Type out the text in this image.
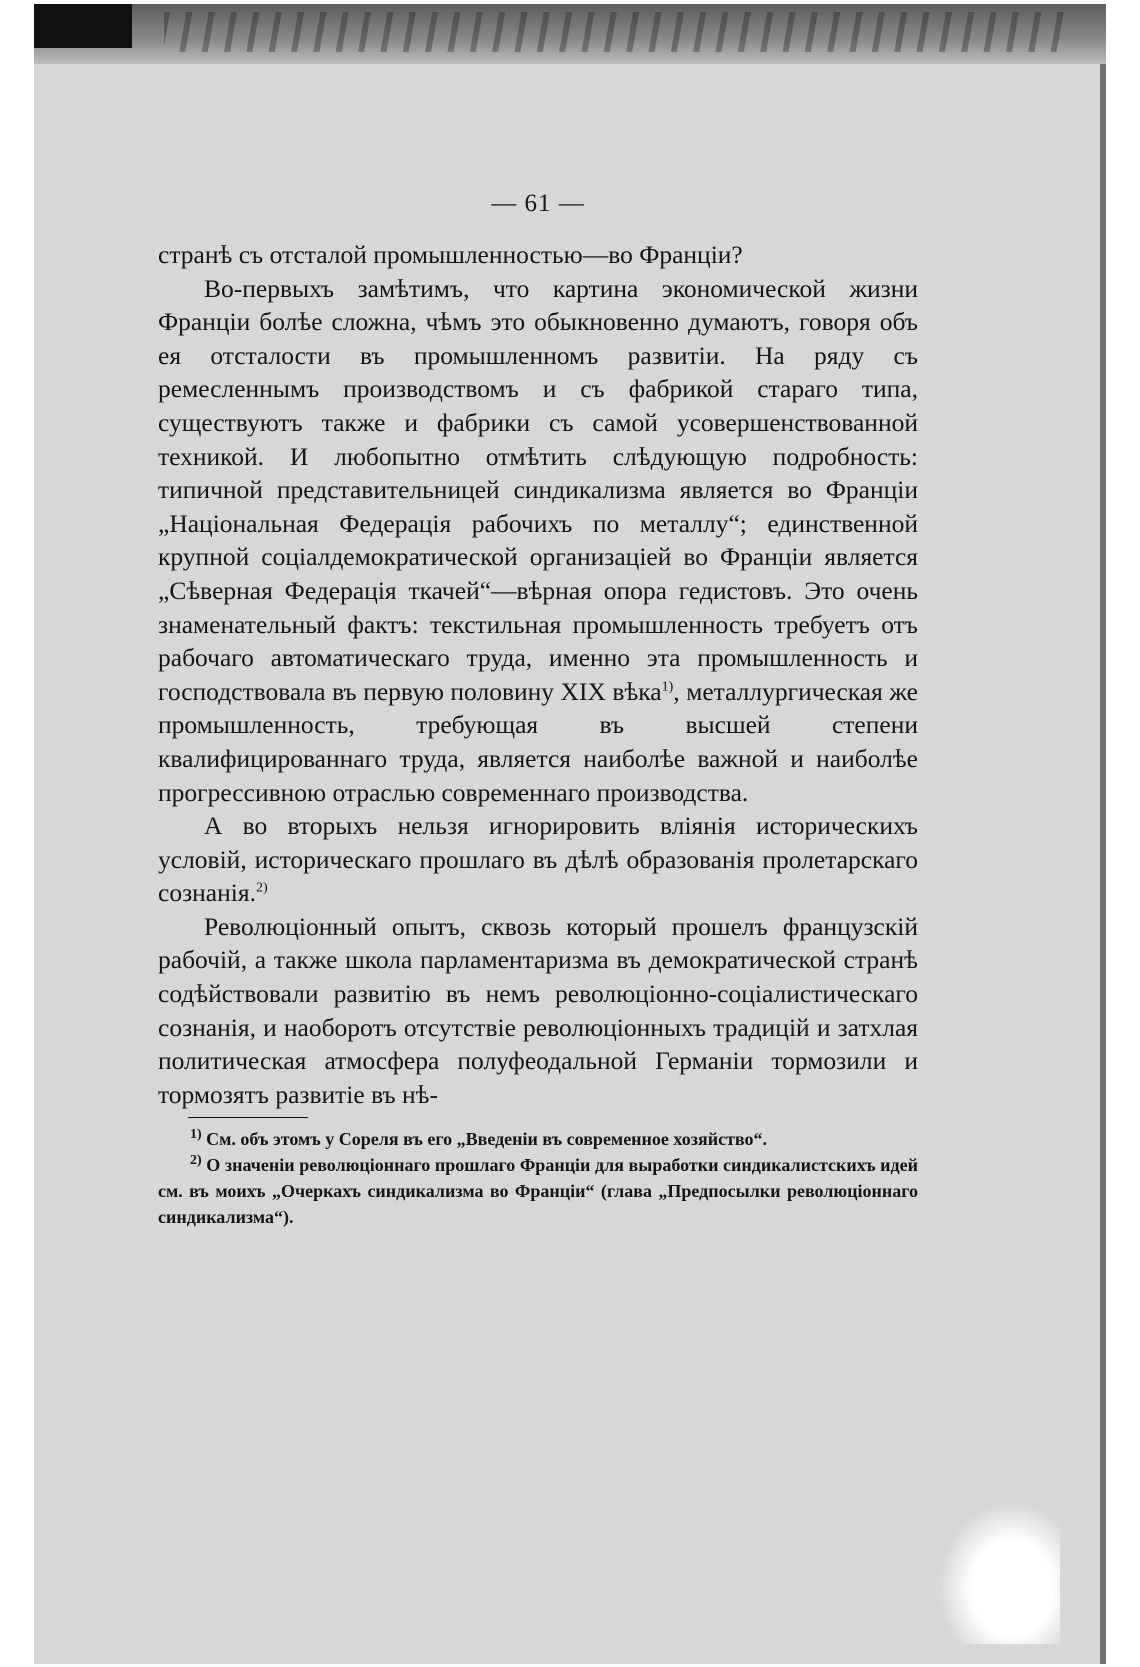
— 61 —

странѣ съ отсталой промышленностью—во Франціи?

Во-первыхъ замѣтимъ, что картина экономической жизни Франціи болѣе сложна, чѣмъ это обыкновенно думаютъ, говоря объ ея отсталости въ промышленномъ развитіи. На ряду съ ремесленнымъ производствомъ и съ фабрикой стараго типа, существуютъ также и фабрики съ самой усовершенствованной техникой. И любопытно отмѣтить слѣдующую подробность: типичной представительницей синдикализма является во Франціи „Національная Федерація рабочихъ по металлу“; единственной крупной соціалдемократической организаціей во Франціи является „Сѣверная Федерація ткачей“—вѣрная опора гедистовъ. Это очень знаменательный фактъ: текстильная промышленность требуетъ отъ рабочаго автоматическаго труда, именно эта промышленность и господствовала въ первую половину XIX вѣка$^{1)}$, металлургическая же промышленность, требующая въ высшей степени квалифицированнаго труда, является наиболѣе важной и наиболѣе прогрессивною отраслью современнаго производства.

А во вторыхъ нельзя игнорировить вліянія историческихъ условій, историческаго прошлаго въ дѣлѣ образованія пролетарскаго сознанія.$^{2)}$

Революціонный опытъ, сквозь который прошелъ французскій рабочій, а также школа парламентаризма въ демократической странѣ содѣйствовали развитію въ немъ революціонно-соціалистическаго сознанія, и наоборотъ отсутствіе революціонныхъ традицій и затхлая политическая атмосфера полуфеодальной Германіи тормозили и тормозятъ развитіе въ нѣ-

$^{1)}$ См. объ этомъ у Сореля въ его „Введеніи въ современное хозяйство“.

$^{2)}$ О значеніи революціоннаго прошлаго Франціи для выработки синдикалистскихъ идей см. въ моихъ „Очеркахъ синдикализма во Франціи“ (глава „Предпосылки революціоннаго синдикализма“).
